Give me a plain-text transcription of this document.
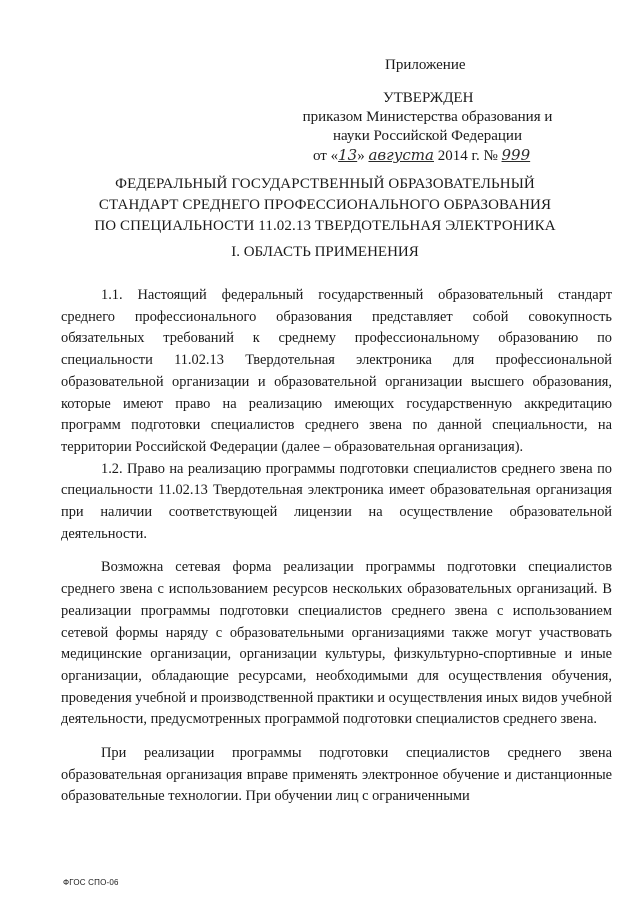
Приложение
УТВЕРЖДЕН
приказом Министерства образования и
науки Российской Федерации
от «13» августа 2014 г. № 999
ФЕДЕРАЛЬНЫЙ ГОСУДАРСТВЕННЫЙ ОБРАЗОВАТЕЛЬНЫЙ
СТАНДАРТ СРЕДНЕГО ПРОФЕССИОНАЛЬНОГО ОБРАЗОВАНИЯ
ПО СПЕЦИАЛЬНОСТИ 11.02.13 ТВЕРДОТЕЛЬНАЯ ЭЛЕКТРОНИКА
I. ОБЛАСТЬ ПРИМЕНЕНИЯ

1.1. Настоящий федеральный государственный образовательный стандарт среднего профессионального образования представляет собой совокупность обязательных требований к среднему профессиональному образованию по специальности 11.02.13 Твердотельная электроника для профессиональной образовательной организации и образовательной организации высшего образования, которые имеют право на реализацию имеющих государственную аккредитацию программ подготовки специалистов среднего звена по данной специальности, на территории Российской Федерации (далее – образовательная организация).

1.2. Право на реализацию программы подготовки специалистов среднего звена по специальности 11.02.13 Твердотельная электроника имеет образовательная организация при наличии соответствующей лицензии на осуществление образовательной деятельности.

Возможна сетевая форма реализации программы подготовки специалистов среднего звена с использованием ресурсов нескольких образовательных организаций. В реализации программы подготовки специалистов среднего звена с использованием сетевой формы наряду с образовательными организациями также могут участвовать медицинские организации, организации культуры, физкультурно-спортивные и иные организации, обладающие ресурсами, необходимыми для осуществления обучения, проведения учебной и производственной практики и осуществления иных видов учебной деятельности, предусмотренных программой подготовки специалистов среднего звена.

При реализации программы подготовки специалистов среднего звена образовательная организация вправе применять электронное обучение и дистанционные образовательные технологии. При обучении лиц с ограниченными

ФГОС СПО-06
